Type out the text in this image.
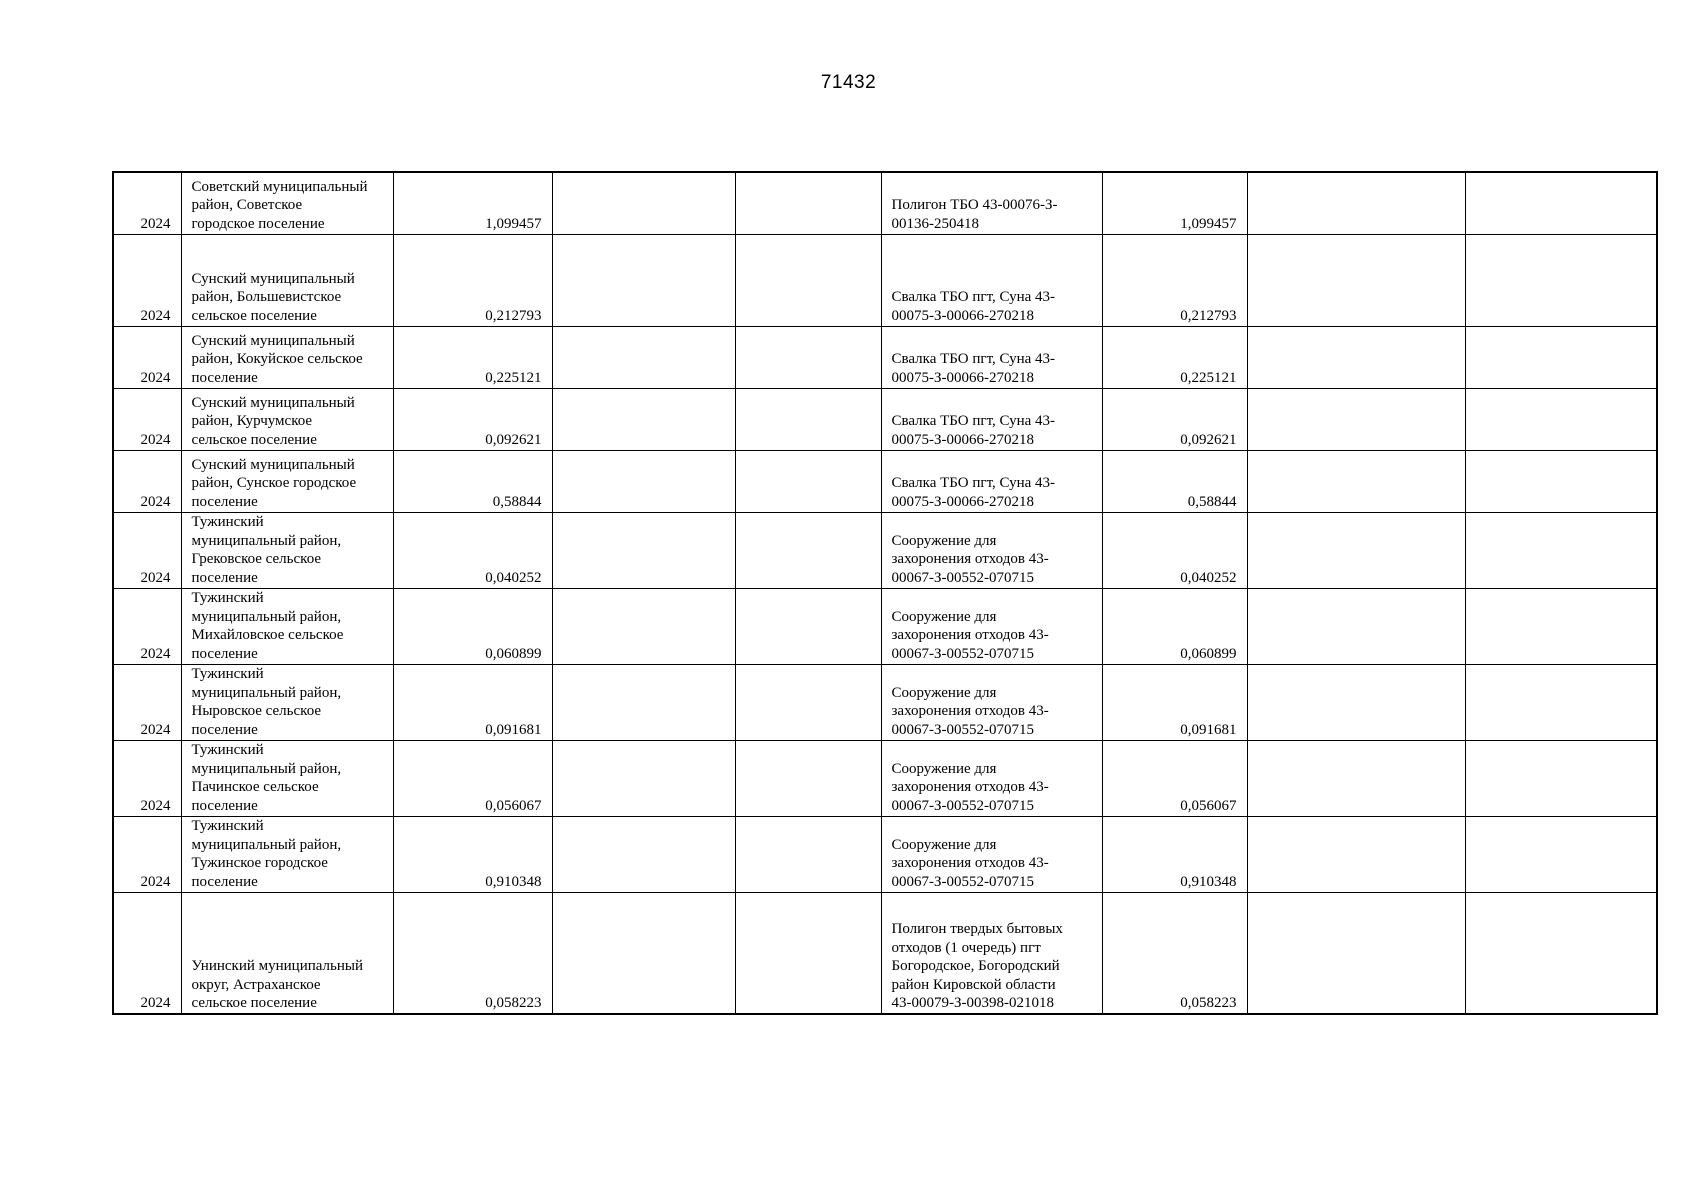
71432
2024	Советский муниципальный
район, Советское
городское поселение	1,099457			Полигон ТБО 43-00076-З-
00136-250418	1,099457		
2024	Сунский муниципальный
район, Большевистское
сельское поселение	0,212793			Свалка ТБО пгт, Суна 43-
00075-З-00066-270218	0,212793		
2024	Сунский муниципальный
район, Кокуйское сельское
поселение	0,225121			Свалка ТБО пгт, Суна 43-
00075-З-00066-270218	0,225121		
2024	Сунский муниципальный
район, Курчумское
сельское поселение	0,092621			Свалка ТБО пгт, Суна 43-
00075-З-00066-270218	0,092621		
2024	Сунский муниципальный
район, Сунское городское
поселение	0,58844			Свалка ТБО пгт, Суна 43-
00075-З-00066-270218	0,58844		
2024	Тужинский
муниципальный район,
Грековское сельское
поселение	0,040252			Сооружение для
захоронения отходов 43-
00067-З-00552-070715	0,040252		
2024	Тужинский
муниципальный район,
Михайловское сельское
поселение	0,060899			Сооружение для
захоронения отходов 43-
00067-З-00552-070715	0,060899		
2024	Тужинский
муниципальный район,
Ныровское сельское
поселение	0,091681			Сооружение для
захоронения отходов 43-
00067-З-00552-070715	0,091681		
2024	Тужинский
муниципальный район,
Пачинское сельское
поселение	0,056067			Сооружение для
захоронения отходов 43-
00067-З-00552-070715	0,056067		
2024	Тужинский
муниципальный район,
Тужинское городское
поселение	0,910348			Сооружение для
захоронения отходов 43-
00067-З-00552-070715	0,910348		
2024	Унинский муниципальный
округ, Астраханское
сельское поселение	0,058223			Полигон твердых бытовых
отходов (1 очередь) пгт
Богородское, Богородский
район Кировской области
43-00079-З-00398-021018	0,058223		
